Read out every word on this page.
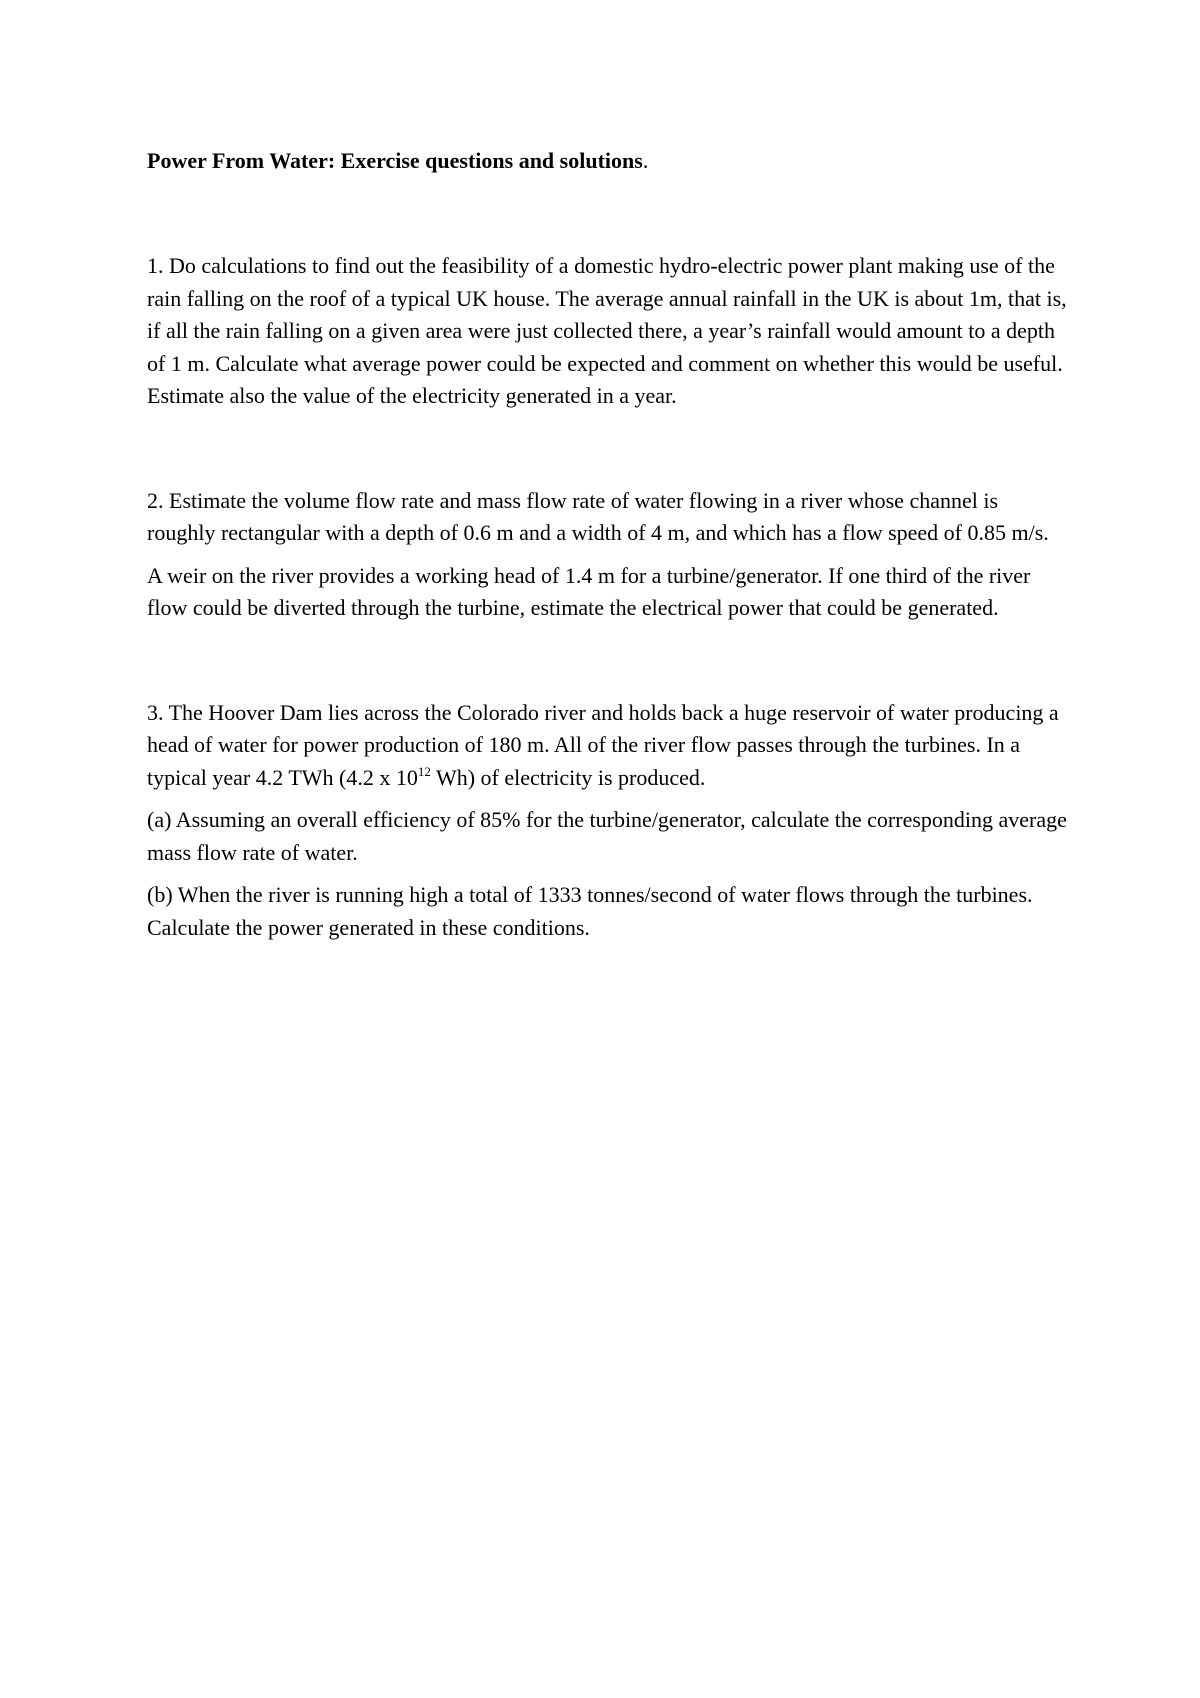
Power From Water: Exercise questions and solutions.

1. Do calculations to find out the feasibility of a domestic hydro-electric power plant making use of the rain falling on the roof of a typical UK house. The average annual rainfall in the UK is about 1m, that is, if all the rain falling on a given area were just collected there, a year’s rainfall would amount to a depth of 1 m. Calculate what average power could be expected and comment on whether this would be useful. Estimate also the value of the electricity generated in a year.

2. Estimate the volume flow rate and mass flow rate of water flowing in a river whose channel is roughly rectangular with a depth of 0.6 m and a width of 4 m, and which has a flow speed of 0.85 m/s.

A weir on the river provides a working head of 1.4 m for a turbine/generator. If one third of the river flow could be diverted through the turbine, estimate the electrical power that could be generated.

3. The Hoover Dam lies across the Colorado river and holds back a huge reservoir of water producing a head of water for power production of 180 m. All of the river flow passes through the turbines. In a typical year 4.2 TWh (4.2 x $10^{12}$ Wh) of electricity is produced.

(a) Assuming an overall efficiency of 85% for the turbine/generator, calculate the corresponding average mass flow rate of water.

(b) When the river is running high a total of 1333 tonnes/second of water flows through the turbines. Calculate the power generated in these conditions.
